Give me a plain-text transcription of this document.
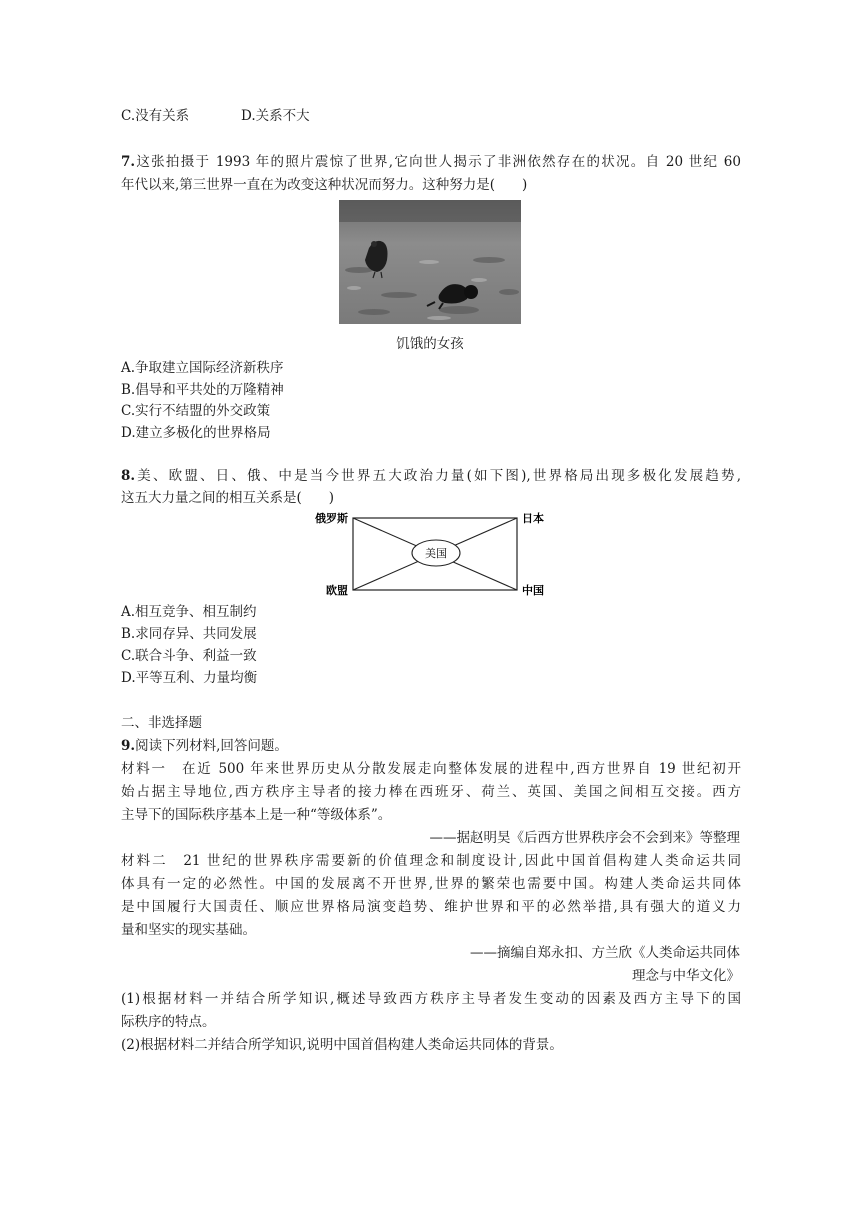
C.没有关系	D.关系不大
7.这张拍摄于 1993 年的照片震惊了世界,它向世人揭示了非洲依然存在的状况。自 20 世纪 60
年代以来,第三世界一直在为改变这种状况而努力。这种努力是(　　)
饥饿的女孩
A.争取建立国际经济新秩序
B.倡导和平共处的万隆精神
C.实行不结盟的外交政策
D.建立多极化的世界格局
8.美、欧盟、日、俄、中是当今世界五大政治力量(如下图),世界格局出现多极化发展趋势,
这五大力量之间的相互关系是(　　)
美国
俄罗斯	日本
欧盟	中国
A.相互竞争、相互制约
B.求同存异、共同发展
C.联合斗争、利益一致
D.平等互利、力量均衡
二、非选择题
9.阅读下列材料,回答问题。
材料一　在近 500 年来世界历史从分散发展走向整体发展的进程中,西方世界自 19 世纪初开
始占据主导地位,西方秩序主导者的接力棒在西班牙、荷兰、英国、美国之间相互交接。西方
主导下的国际秩序基本上是一种“等级体系”。
——据赵明昊《后西方世界秩序会不会到来》等整理
材料二　21 世纪的世界秩序需要新的价值理念和制度设计,因此中国首倡构建人类命运共同
体具有一定的必然性。中国的发展离不开世界,世界的繁荣也需要中国。构建人类命运共同体
是中国履行大国责任、顺应世界格局演变趋势、维护世界和平的必然举措,具有强大的道义力
量和坚实的现实基础。
——摘编自郑永扣、方兰欣《人类命运共同体
理念与中华文化》
(1)根据材料一并结合所学知识,概述导致西方秩序主导者发生变动的因素及西方主导下的国
际秩序的特点。
(2)根据材料二并结合所学知识,说明中国首倡构建人类命运共同体的背景。
